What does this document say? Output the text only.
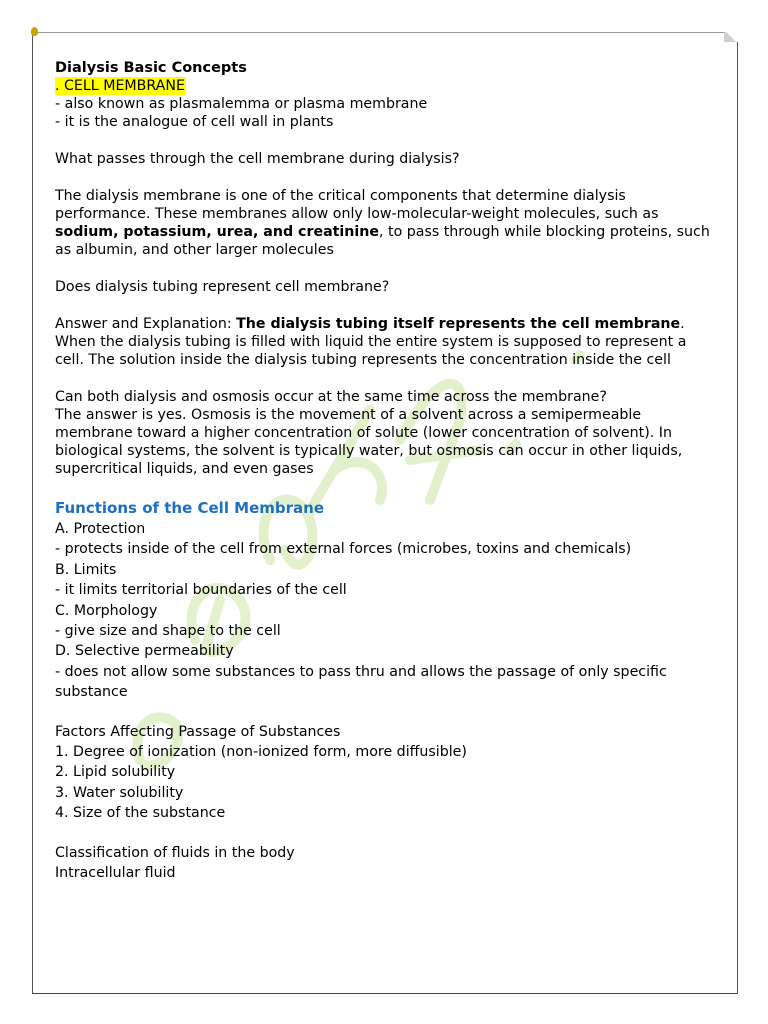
Dialysis Basic Concepts

. CELL MEMBRANE

- also known as plasmalemma or plasma membrane

- it is the analogue of cell wall in plants

What passes through the cell membrane during dialysis?

The dialysis membrane is one of the critical components that determine dialysis performance. These membranes allow only low-molecular-weight molecules, such as sodium, potassium, urea, and creatinine, to pass through while blocking proteins, such as albumin, and other larger molecules

Does dialysis tubing represent cell membrane?

Answer and Explanation: The dialysis tubing itself represents the cell membrane. When the dialysis tubing is filled with liquid the entire system is supposed to represent a cell. The solution inside the dialysis tubing represents the concentration inside the cell

Can both dialysis and osmosis occur at the same time across the membrane?

The answer is yes. Osmosis is the movement of a solvent across a semipermeable membrane toward a higher concentration of solute (lower concentration of solvent). In biological systems, the solvent is typically water, but osmosis can occur in other liquids, supercritical liquids, and even gases

Functions of the Cell Membrane

A. Protection

- protects inside of the cell from external forces (microbes, toxins and chemicals)

B. Limits

- it limits territorial boundaries of the cell

C. Morphology

- give size and shape to the cell

D. Selective permeability

- does not allow some substances to pass thru and allows the passage of only specific substance

Factors Affecting Passage of Substances

1. Degree of ionization (non-ionized form, more diffusible)

2. Lipid solubility

3. Water solubility

4. Size of the substance

Classification of fluids in the body

Intracellular fluid
